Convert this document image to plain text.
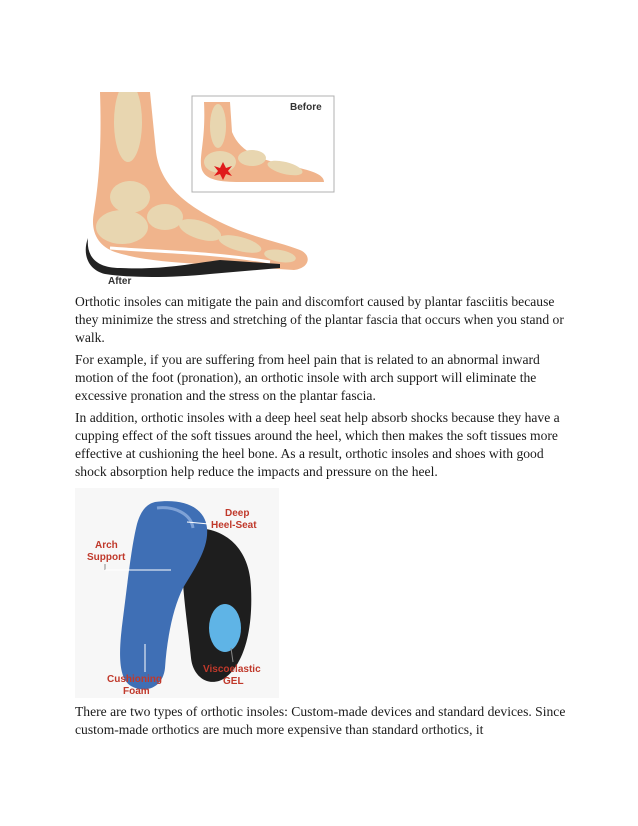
Before
After

Orthotic insoles can mitigate the pain and discomfort caused by plantar fasciitis because they minimize the stress and stretching of the plantar fascia that occurs when you stand or walk.

For example, if you are suffering from heel pain that is related to an abnormal inward motion of the foot (pronation), an orthotic insole with arch support will eliminate the excessive pronation and the stress on the plantar fascia.

In addition, orthotic insoles with a deep heel seat help absorb shocks because they have a cupping effect of the soft tissues around the heel, which then makes the soft tissues more effective at cushioning the heel bone. As a result, orthotic insoles and shoes with good shock absorption help reduce the impacts and pressure on the heel.

Deep
Heel-Seat
Arch
Support
Cushioning
Foam
Viscoelastic
GEL

There are two types of orthotic insoles: Custom-made devices and standard devices. Since custom-made orthotics are much more expensive than standard orthotics, it
